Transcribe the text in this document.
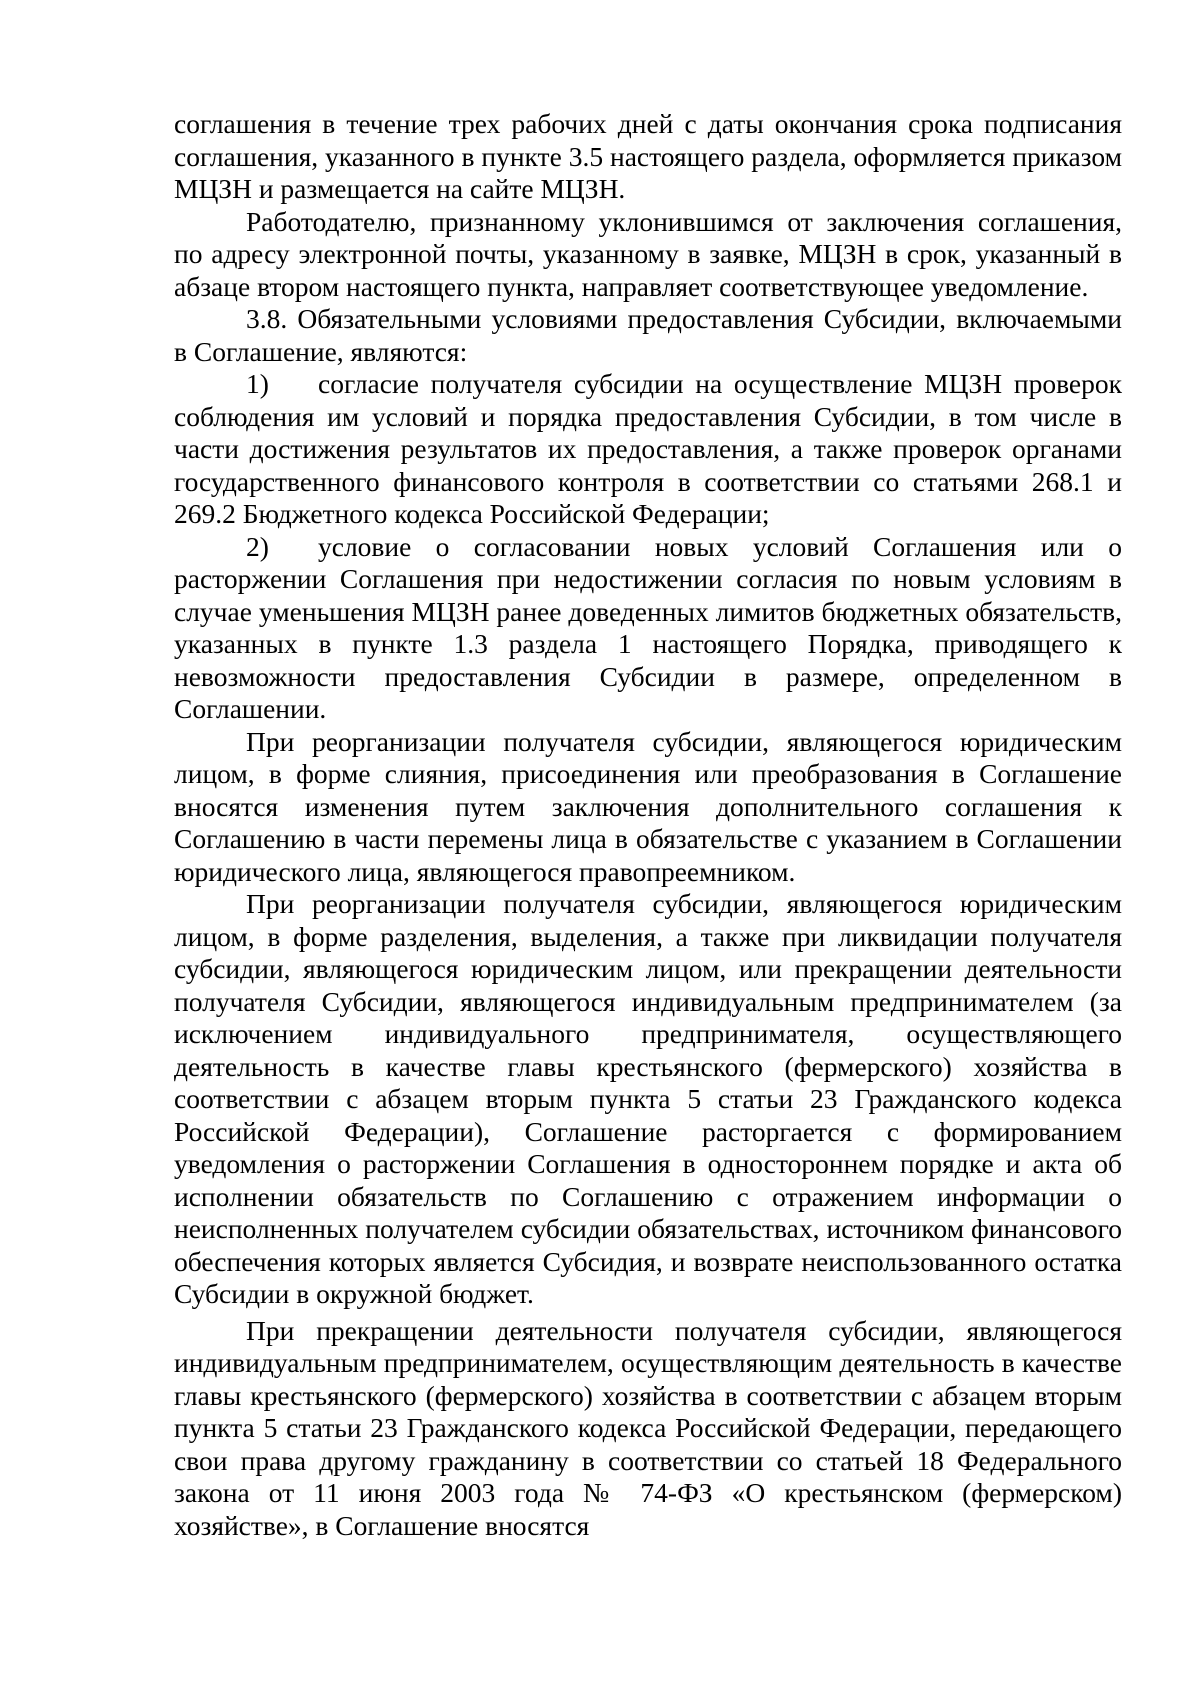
соглашения в течение трех рабочих дней с даты окончания срока подписания соглашения, указанного в пункте 3.5 настоящего раздела, оформляется приказом МЦЗН и размещается на сайте МЦЗН.

Работодателю, признанному уклонившимся от заключения соглашения, по адресу электронной почты, указанному в заявке, МЦЗН в срок, указанный в абзаце втором настоящего пункта, направляет соответствующее уведомление.

3.8. Обязательными условиями предоставления Субсидии, включаемыми в Соглашение, являются:

1) согласие получателя субсидии на осуществление МЦЗН проверок соблюдения им условий и порядка предоставления Субсидии, в том числе в части достижения результатов их предоставления, а также проверок органами государственного финансового контроля в соответствии со статьями 268.1 и 269.2 Бюджетного кодекса Российской Федерации;

2) условие о согласовании новых условий Соглашения или о расторжении Соглашения при недостижении согласия по новым условиям в случае уменьшения МЦЗН ранее доведенных лимитов бюджетных обязательств, указанных в пункте 1.3 раздела 1 настоящего Порядка, приводящего к невозможности предоставления Субсидии в размере, определенном в Соглашении.

При реорганизации получателя субсидии, являющегося юридическим лицом, в форме слияния, присоединения или преобразования в Соглашение вносятся изменения путем заключения дополнительного соглашения к Соглашению в части перемены лица в обязательстве с указанием в Соглашении юридического лица, являющегося правопреемником.

При реорганизации получателя субсидии, являющегося юридическим лицом, в форме разделения, выделения, а также при ликвидации получателя субсидии, являющегося юридическим лицом, или прекращении деятельности получателя Субсидии, являющегося индивидуальным предпринимателем (за исключением индивидуального предпринимателя, осуществляющего деятельность в качестве главы крестьянского (фермерского) хозяйства в соответствии с абзацем вторым пункта 5 статьи 23 Гражданского кодекса Российской Федерации), Соглашение расторгается с формированием уведомления о расторжении Соглашения в одностороннем порядке и акта об исполнении обязательств по Соглашению с отражением информации о неисполненных получателем субсидии обязательствах, источником финансового обеспечения которых является Субсидия, и возврате неиспользованного остатка Субсидии в окружной бюджет.

При прекращении деятельности получателя субсидии, являющегося индивидуальным предпринимателем, осуществляющим деятельность в качестве главы крестьянского (фермерского) хозяйства в соответствии с абзацем вторым пункта 5 статьи 23 Гражданского кодекса Российской Федерации, передающего свои права другому гражданину в соответствии со статьей 18 Федерального закона от 11 июня 2003 года № 74-ФЗ «О крестьянском (фермерском) хозяйстве», в Соглашение вносятся
